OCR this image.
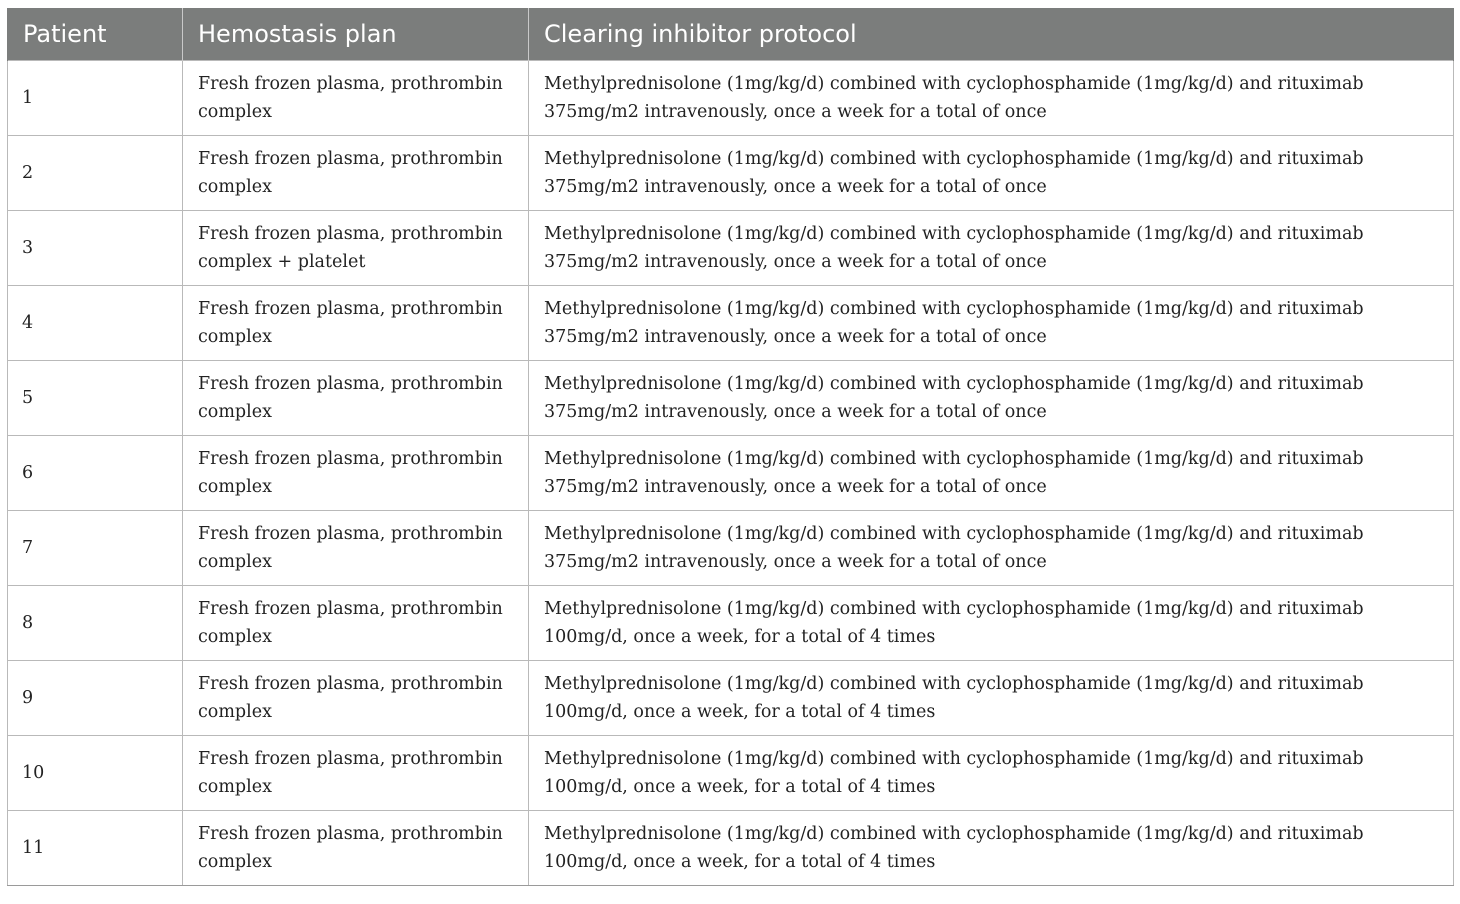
Patient	Hemostasis plan	Clearing inhibitor protocol
1	Fresh frozen plasma, prothrombin complex	Methylprednisolone (1mg/kg/d) combined with cyclophosphamide (1mg/kg/d) and rituximab 375mg/m2 intravenously, once a week for a total of once
2	Fresh frozen plasma, prothrombin complex	Methylprednisolone (1mg/kg/d) combined with cyclophosphamide (1mg/kg/d) and rituximab 375mg/m2 intravenously, once a week for a total of once
3	Fresh frozen plasma, prothrombin complex + platelet	Methylprednisolone (1mg/kg/d) combined with cyclophosphamide (1mg/kg/d) and rituximab 375mg/m2 intravenously, once a week for a total of once
4	Fresh frozen plasma, prothrombin complex	Methylprednisolone (1mg/kg/d) combined with cyclophosphamide (1mg/kg/d) and rituximab 375mg/m2 intravenously, once a week for a total of once
5	Fresh frozen plasma, prothrombin complex	Methylprednisolone (1mg/kg/d) combined with cyclophosphamide (1mg/kg/d) and rituximab 375mg/m2 intravenously, once a week for a total of once
6	Fresh frozen plasma, prothrombin complex	Methylprednisolone (1mg/kg/d) combined with cyclophosphamide (1mg/kg/d) and rituximab 375mg/m2 intravenously, once a week for a total of once
7	Fresh frozen plasma, prothrombin complex	Methylprednisolone (1mg/kg/d) combined with cyclophosphamide (1mg/kg/d) and rituximab 375mg/m2 intravenously, once a week for a total of once
8	Fresh frozen plasma, prothrombin complex	Methylprednisolone (1mg/kg/d) combined with cyclophosphamide (1mg/kg/d) and rituximab 100mg/d, once a week, for a total of 4 times
9	Fresh frozen plasma, prothrombin complex	Methylprednisolone (1mg/kg/d) combined with cyclophosphamide (1mg/kg/d) and rituximab 100mg/d, once a week, for a total of 4 times
10	Fresh frozen plasma, prothrombin complex	Methylprednisolone (1mg/kg/d) combined with cyclophosphamide (1mg/kg/d) and rituximab 100mg/d, once a week, for a total of 4 times
11	Fresh frozen plasma, prothrombin complex	Methylprednisolone (1mg/kg/d) combined with cyclophosphamide (1mg/kg/d) and rituximab 100mg/d, once a week, for a total of 4 times
